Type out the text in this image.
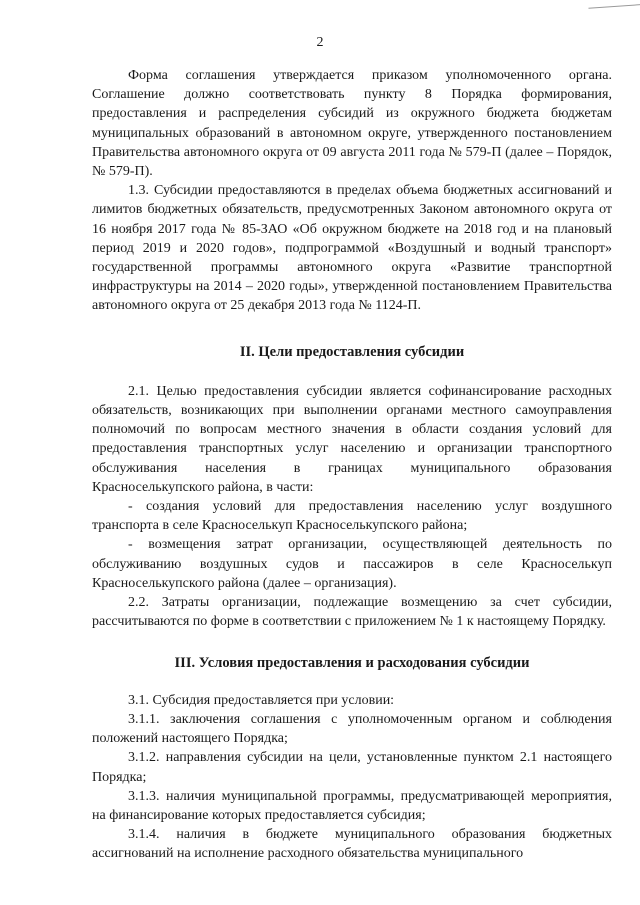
2

Форма соглашения утверждается приказом уполномоченного органа. Соглашение должно соответствовать пункту 8 Порядка формирования, предоставления и распределения субсидий из окружного бюджета бюджетам муниципальных образований в автономном округе, утвержденного постановлением Правительства автономного округа от 09 августа 2011 года № 579-П (далее – Порядок, № 579-П).

1.3. Субсидии предоставляются в пределах объема бюджетных ассигнований и лимитов бюджетных обязательств, предусмотренных Законом автономного округа от 16 ноября 2017 года № 85-ЗАО «Об окружном бюджете на 2018 год и на плановый период 2019 и 2020 годов», подпрограммой «Воздушный и водный транспорт» государственной программы автономного округа «Развитие транспортной инфраструктуры на 2014 – 2020 годы», утвержденной постановлением Правительства автономного округа от 25 декабря 2013 года № 1124-П.

II. Цели предоставления субсидии

2.1. Целью предоставления субсидии является софинансирование расходных обязательств, возникающих при выполнении органами местного самоуправления полномочий по вопросам местного значения в области создания условий для предоставления транспортных услуг населению и организации транспортного обслуживания населения в границах муниципального образования Красноселькупского района, в части:

- создания условий для предоставления населению услуг воздушного транспорта в селе Красноселькуп Красноселькупского района;

- возмещения затрат организации, осуществляющей деятельность по обслуживанию воздушных судов и пассажиров в селе Красноселькуп Красноселькупского района (далее – организация).

2.2. Затраты организации, подлежащие возмещению за счет субсидии, рассчитываются по форме в соответствии с приложением № 1 к настоящему Порядку.

III. Условия предоставления и расходования субсидии

3.1. Субсидия предоставляется при условии:

3.1.1. заключения соглашения с уполномоченным органом и соблюдения положений настоящего Порядка;

3.1.2. направления субсидии на цели, установленные пунктом 2.1 настоящего Порядка;

3.1.3. наличия муниципальной программы, предусматривающей мероприятия, на финансирование которых предоставляется субсидия;

3.1.4. наличия в бюджете муниципального образования бюджетных ассигнований на исполнение расходного обязательства муниципального
